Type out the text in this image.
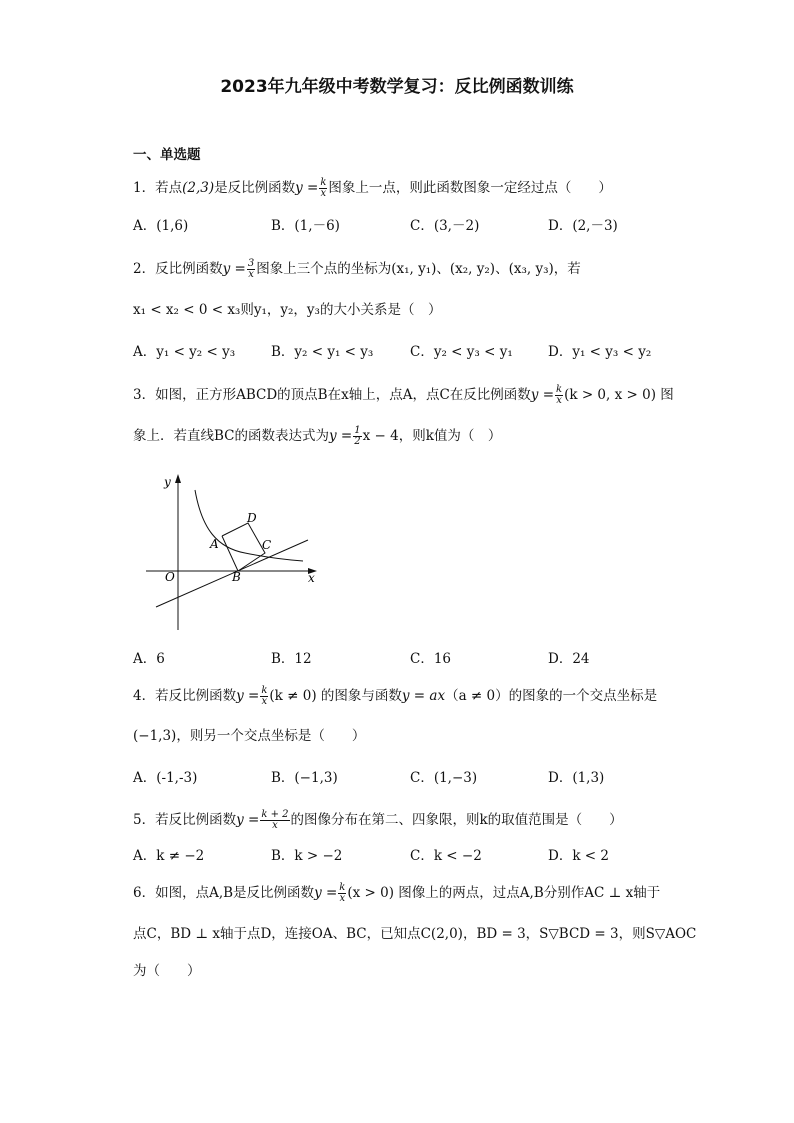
2023年九年级中考数学复习：反比例函数训练
一、单选题
1．若点(2,3)是反比例函数$y = \frac{k}{x}$ 图象上一点，则此函数图象一定经过点（　　）
A．(1,6)	B．(1,－6)	C．(3,－2)	D．(2,－3)
2．反比例函数$y = \frac{3}{x}$ 图象上三个点的坐标为(x₁, y₁)、(x₂, y₂)、(x₃, y₃)，若
x₁ < x₂ < 0 < x₃则y₁，y₂，y₃的大小关系是（　）
A．y₁ < y₂ < y₃	B．y₂ < y₁ < y₃	C．y₂ < y₃ < y₁	D．y₁ < y₃ < y₂
3．如图，正方形ABCD的顶点B在x轴上，点A，点C在反比例函数$y = \frac{k}{x} (k > 0$, x > 0) 图
象上．若直线BC的函数表达式为$y = \frac{1}{2}$ x − 4，则k值为（　）
y
x
O
A
B
C
D
A．6	B．12	C．16	D．24
4．若反比例函数$y = \frac{k}{x} (k \ne 0)$ 的图象与函数y = ax（a ≠ 0）的图象的一个交点坐标是
(−1,3)，则另一个交点坐标是（　　）
A．(-1,-3)	B．(−1,3)	C．(1,−3)	D．(1,3)
5．若反比例函数$y = \frac{k + 2}{x}$ 的图像分布在第二、四象限，则k的取值范围是（　　）
A．k ≠ −2	B．k > −2	C．k < −2	D．k < 2
6．如图，点A,B是反比例函数$y = \frac{k}{x} (x > 0)$ 图像上的两点，过点A,B分别作AC ⊥ x轴于
点C，BD ⊥ x轴于点D，连接OA、BC，已知点C(2,0)，BD = 3，S▽BCD = 3，则S▽AOC
为（　　）
